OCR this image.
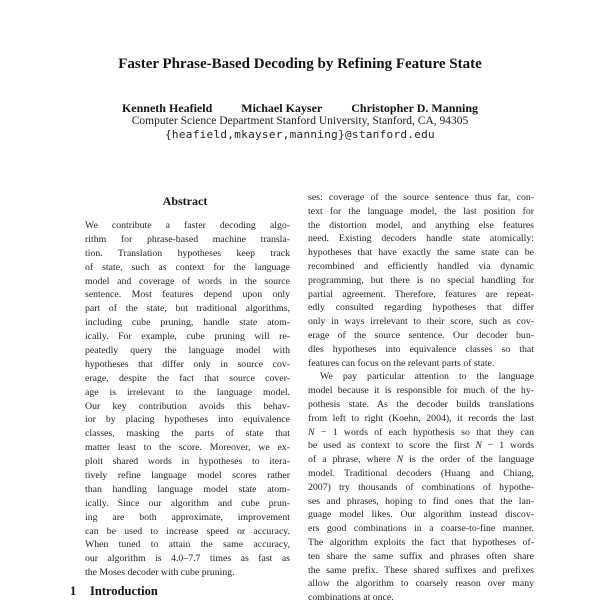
Faster Phrase-Based Decoding by Refining Feature State
Kenneth Heafield Michael Kayser Christopher D. Manning
Computer Science Department Stanford University, Stanford, CA, 94305
{heafield,mkayser,manning}@stanford.edu
Abstract
We contribute a faster decoding algo-
rithm for phrase-based machine transla-
tion. Translation hypotheses keep track
of state, such as context for the language
model and coverage of words in the source
sentence. Most features depend upon only
part of the state, but traditional algorithms,
including cube pruning, handle state atom-
ically. For example, cube pruning will re-
peatedly query the language model with
hypotheses that differ only in source cov-
erage, despite the fact that source cover-
age is irrelevant to the language model.
Our key contribution avoids this behav-
ior by placing hypotheses into equivalence
classes, masking the parts of state that
matter least to the score. Moreover, we ex-
ploit shared words in hypotheses to itera-
tively refine language model scores rather
than handling language model state atom-
ically. Since our algorithm and cube prun-
ing are both approximate, improvement
can be used to increase speed or accuracy.
When tuned to attain the same accuracy,
our algorithm is 4.0–7.7 times as fast as
the Moses decoder with cube pruning.
ses: coverage of the source sentence thus far, con-
text for the language model, the last position for
the distortion model, and anything else features
need. Existing decoders handle state atomically:
hypotheses that have exactly the same state can be
recombined and efficiently handled via dynamic
programming, but there is no special handling for
partial agreement. Therefore, features are repeat-
edly consulted regarding hypotheses that differ
only in ways irrelevant to their score, such as cov-
erage of the source sentence. Our decoder bun-
dles hypotheses into equivalence classes so that
features can focus on the relevant parts of state.
We pay particular attention to the language
model because it is responsible for much of the hy-
pothesis state. As the decoder builds translations
from left to right (Koehn, 2004), it records the last
N − 1 words of each hypothesis so that they can
be used as context to score the first N − 1 words
of a phrase, where N is the order of the language
model. Traditional decoders (Huang and Chiang,
2007) try thousands of combinations of hypothe-
ses and phrases, hoping to find ones that the lan-
guage model likes. Our algorithm instead discov-
ers good combinations in a coarse-to-fine manner.
The algorithm exploits the fact that hypotheses of-
ten share the same suffix and phrases often share
the same prefix. These shared suffixes and prefixes
allow the algorithm to coarsely reason over many
combinations at once.
1 Introduction
